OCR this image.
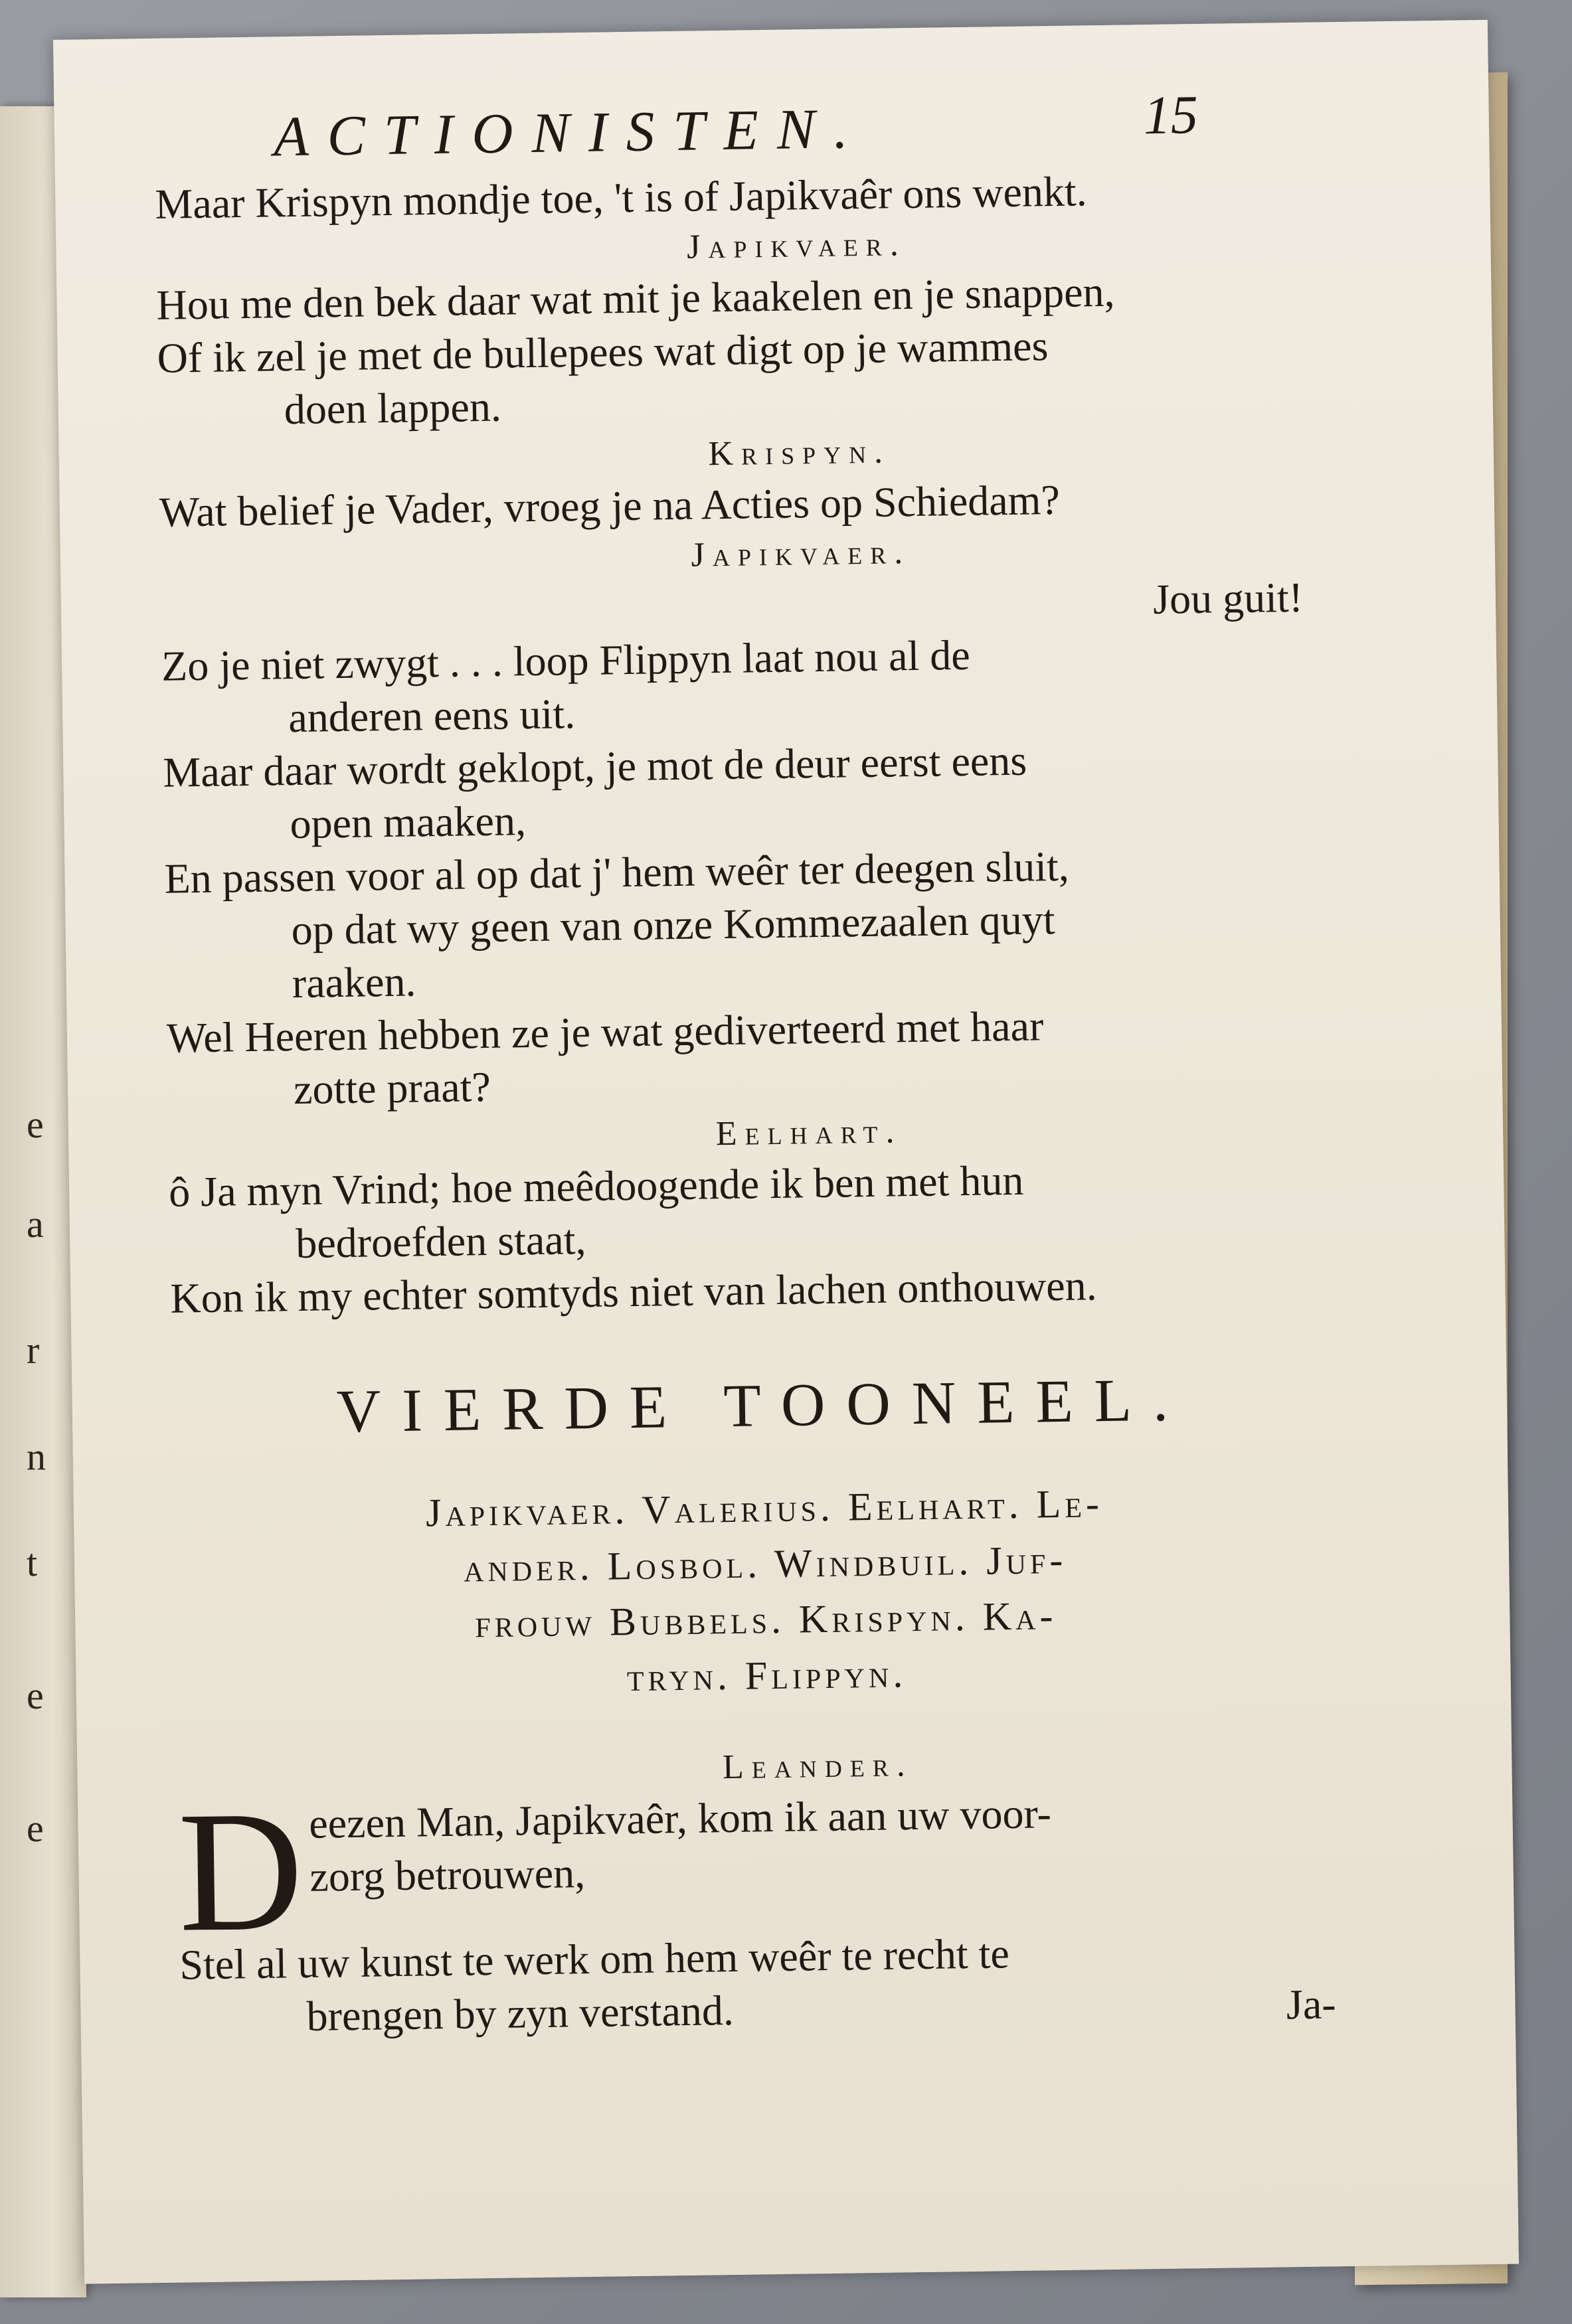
e
a
r
n
t
e
e
ACTIONISTEN.	15
Maar Krispyn mondje toe, 't is of Japikvaêr ons wenkt.
Japikvaer.
Hou me den bek daar wat mit je kaakelen en je snappen,
Of ik zel je met de bullepees wat digt op je wammes
doen lappen.
Krispyn.
Wat belief je Vader, vroeg je na Acties op Schiedam?
Japikvaer.
Jou guit!
Zo je niet zwygt . . . loop Flippyn laat nou al de
anderen eens uit.
Maar daar wordt geklopt, je mot de deur eerst eens
open maaken,
En passen voor al op dat j' hem weêr ter deegen sluit,
op dat wy geen van onze Kommezaalen quyt
raaken.
Wel Heeren hebben ze je wat gediverteerd met haar
zotte praat?
Eelhart.
ô Ja myn Vrind; hoe meêdoogende ik ben met hun
bedroefden staat,
Kon ik my echter somtyds niet van lachen onthouwen.
VIERDE TOONEEL.
Japikvaer. Valerius. Eelhart. Le-
ander. Losbol. Windbuil. Juf-
frouw Bubbels. Krispyn. Ka-
tryn. Flippyn.
Leander.
D eezen Man, Japikvaêr, kom ik aan uw voor-
zorg betrouwen,
Stel al uw kunst te werk om hem weêr te recht te
brengen by zyn verstand.	Ja-
